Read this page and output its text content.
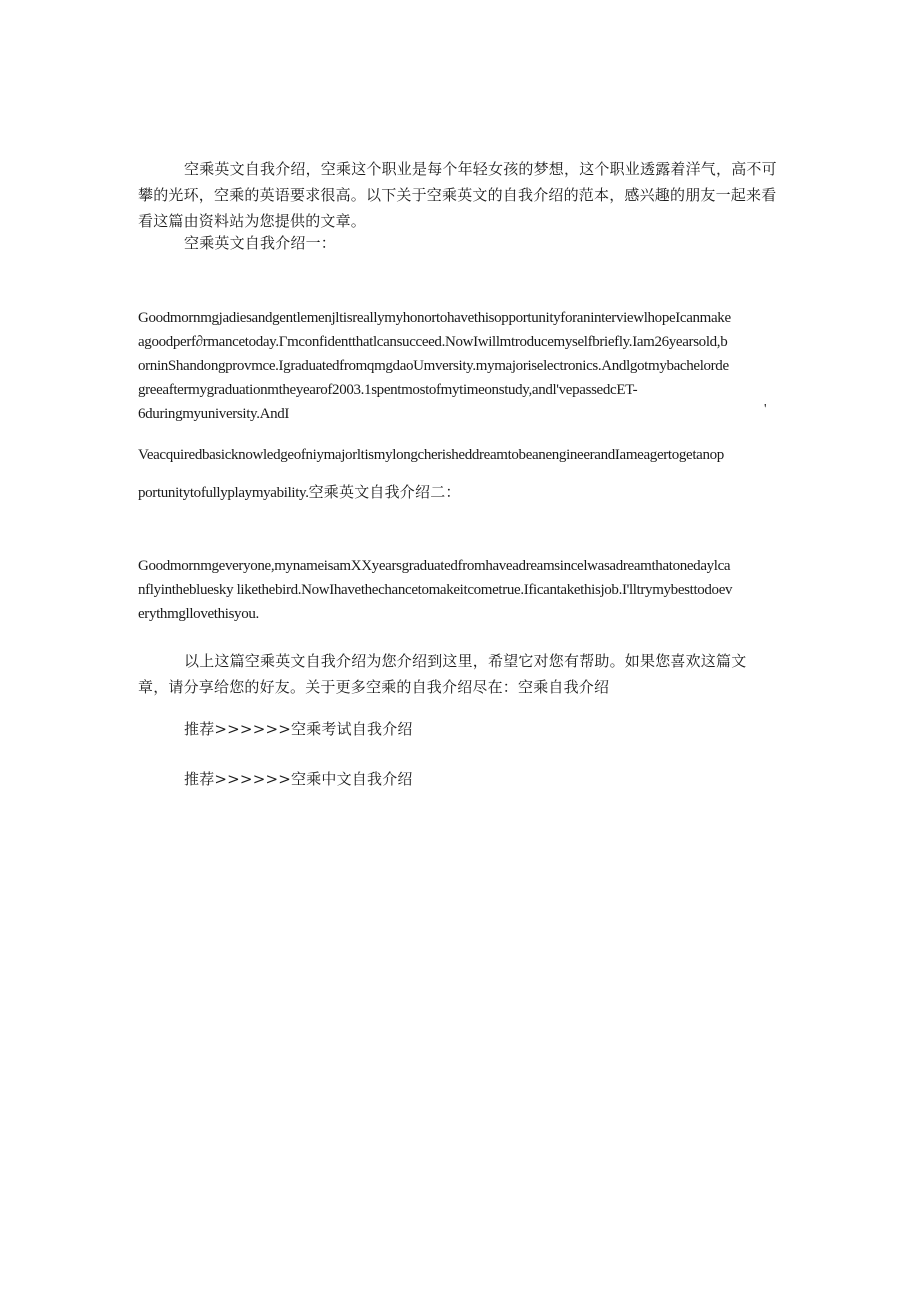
空乘英文自我介绍，空乘这个职业是每个年轻女孩的梦想，这个职业透露着洋气，高不可
攀的光环，空乘的英语要求很高。以下关于空乘英文的自我介绍的范本，感兴趣的朋友一起来看
看这篇由资料站为您提供的文章。
空乘英文自我介绍一：
GoodmornmgjadiesandgentlemenjltisreallymyhonortohavethisopportunityforaninterviewlhopeIcanmake
agoodperf∂rmancetoday.Γmconfidentthatlcansucceed.NowIwillmtroducemyselfbriefly.Iam26yearsold,b
orninShandongprovmce.IgraduatedfromqmgdaoUmversity.mymajoriselectronics.Andlgotmybachelorde
greeaftermygraduationmtheyearof2003.1spentmostofmytimeonstudy,andl'vepassedcET-
6duringmyuniversity.AndI	'
VeacquiredbasicknowledgeofniymajorltismylongcherisheddreamtobeanengineerandIameagertogetanop
portunitytofullyplaymyability.空乘英文自我介绍二：
Goodmornmgeveryone,mynameisamXXyearsgraduatedfromhaveadreamsincelwasadreamthatonedaylca
nflyinthebluesky likethebird.NowIhavethechancetomakeitcometrue.Ificantakethisjob.I'lltrymybesttodoev
erythmgllovethisyou.
以上这篇空乘英文自我介绍为您介绍到这里，希望它对您有帮助。如果您喜欢这篇文
章，请分享给您的好友。关于更多空乘的自我介绍尽在：空乘自我介绍
推荐>>>>>>空乘考试自我介绍
推荐>>>>>>空乘中文自我介绍
